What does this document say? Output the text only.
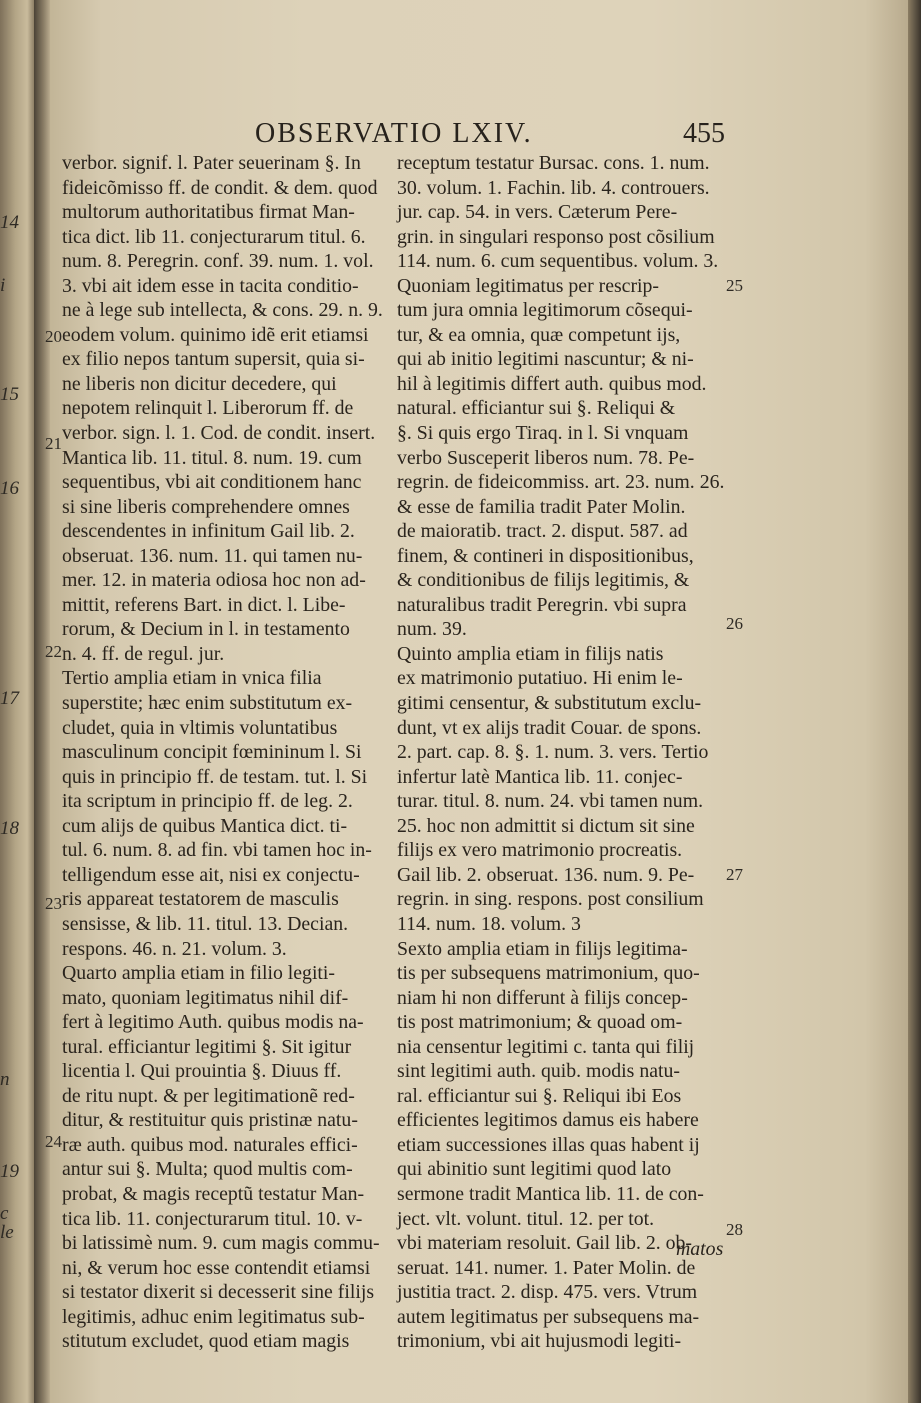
14
i
15
16
17
18
n
19
c
le
OBSERVATIO LXIV.	455
verbor. signif. l. Pater seuerinam §. In
fideicõmisso ff. de condit. & dem. quod
multorum authoritatibus firmat Man-
tica dict. lib 11. conjecturarum titul. 6.
num. 8. Peregrin. conf. 39. num. 1. vol.
3. vbi ait idem esse in tacita conditio-
ne à lege sub intellecta, & cons. 29. n. 9.
eodem volum. quinimo idẽ erit etiamsi
ex filio nepos tantum supersit, quia si-
ne liberis non dicitur decedere, qui
nepotem relinquit l. Liberorum ff. de
verbor. sign. l. 1. Cod. de condit. insert.
Mantica lib. 11. titul. 8. num. 19. cum
sequentibus, vbi ait conditionem hanc
si sine liberis comprehendere omnes
descendentes in infinitum Gail lib. 2.
obseruat. 136. num. 11. qui tamen nu-
mer. 12. in materia odiosa hoc non ad-
mittit, referens Bart. in dict. l. Libe-
rorum, & Decium in l. in testamento
n. 4. ff. de regul. jur.
Tertio amplia etiam in vnica filia
superstite; hæc enim substitutum ex-
cludet, quia in vltimis voluntatibus
masculinum concipit fœmininum l. Si
quis in principio ff. de testam. tut. l. Si
ita scriptum in principio ff. de leg. 2.
cum alijs de quibus Mantica dict. ti-
tul. 6. num. 8. ad fin. vbi tamen hoc in-
telligendum esse ait, nisi ex conjectu-
ris appareat testatorem de masculis
sensisse, & lib. 11. titul. 13. Decian.
respons. 46. n. 21. volum. 3.
Quarto amplia etiam in filio legiti-
mato, quoniam legitimatus nihil dif-
fert à legitimo Auth. quibus modis na-
tural. efficiantur legitimi §. Sit igitur
licentia l. Qui prouintia §. Diuus ff.
de ritu nupt. & per legitimationẽ red-
ditur, & restituitur quis pristinæ natu-
ræ auth. quibus mod. naturales effici-
antur sui §. Multa; quod multis com-
probat, & magis receptũ testatur Man-
tica lib. 11. conjecturarum titul. 10. v-
bi latissimè num. 9. cum magis commu-
ni, & verum hoc esse contendit etiamsi
si testator dixerit si decesserit sine filijs
legitimis, adhuc enim legitimatus sub-
stitutum excludet, quod etiam magis
receptum testatur Bursac. cons. 1. num.
30. volum. 1. Fachin. lib. 4. controuers.
jur. cap. 54. in vers. Cæterum Pere-
grin. in singulari responso post cõsilium
114. num. 6. cum sequentibus. volum. 3.
Quoniam legitimatus per rescrip-
tum jura omnia legitimorum cõsequi-
tur, & ea omnia, quæ competunt ijs,
qui ab initio legitimi nascuntur; & ni-
hil à legitimis differt auth. quibus mod.
natural. efficiantur sui §. Reliqui &
§. Si quis ergo Tiraq. in l. Si vnquam
verbo Susceperit liberos num. 78. Pe-
regrin. de fideicommiss. art. 23. num. 26.
& esse de familia tradit Pater Molin.
de maioratib. tract. 2. disput. 587. ad
finem, & contineri in dispositionibus,
& conditionibus de filijs legitimis, &
naturalibus tradit Peregrin. vbi supra
num. 39.
Quinto amplia etiam in filijs natis
ex matrimonio putatiuo. Hi enim le-
gitimi censentur, & substitutum exclu-
dunt, vt ex alijs tradit Couar. de spons.
2. part. cap. 8. §. 1. num. 3. vers. Tertio
infertur latè Mantica lib. 11. conjec-
turar. titul. 8. num. 24. vbi tamen num.
25. hoc non admittit si dictum sit sine
filijs ex vero matrimonio procreatis.
Gail lib. 2. obseruat. 136. num. 9. Pe-
regrin. in sing. respons. post consilium
114. num. 18. volum. 3
Sexto amplia etiam in filijs legitima-
tis per subsequens matrimonium, quo-
niam hi non differunt à filijs concep-
tis post matrimonium; & quoad om-
nia censentur legitimi c. tanta qui filij
sint legitimi auth. quib. modis natu-
ral. efficiantur sui §. Reliqui ibi Eos
efficientes legitimos damus eis habere
etiam successiones illas quas habent ij
qui abinitio sunt legitimi quod lato
sermone tradit Mantica lib. 11. de con-
ject. vlt. volunt. titul. 12. per tot.
vbi materiam resoluit. Gail lib. 2. ob-
seruat. 141. numer. 1. Pater Molin. de
justitia tract. 2. disp. 475. vers. Vtrum
autem legitimatus per subsequens ma-
trimonium, vbi ait hujusmodi legiti-
matos
20
21
22
23
24
25
26
27
28
